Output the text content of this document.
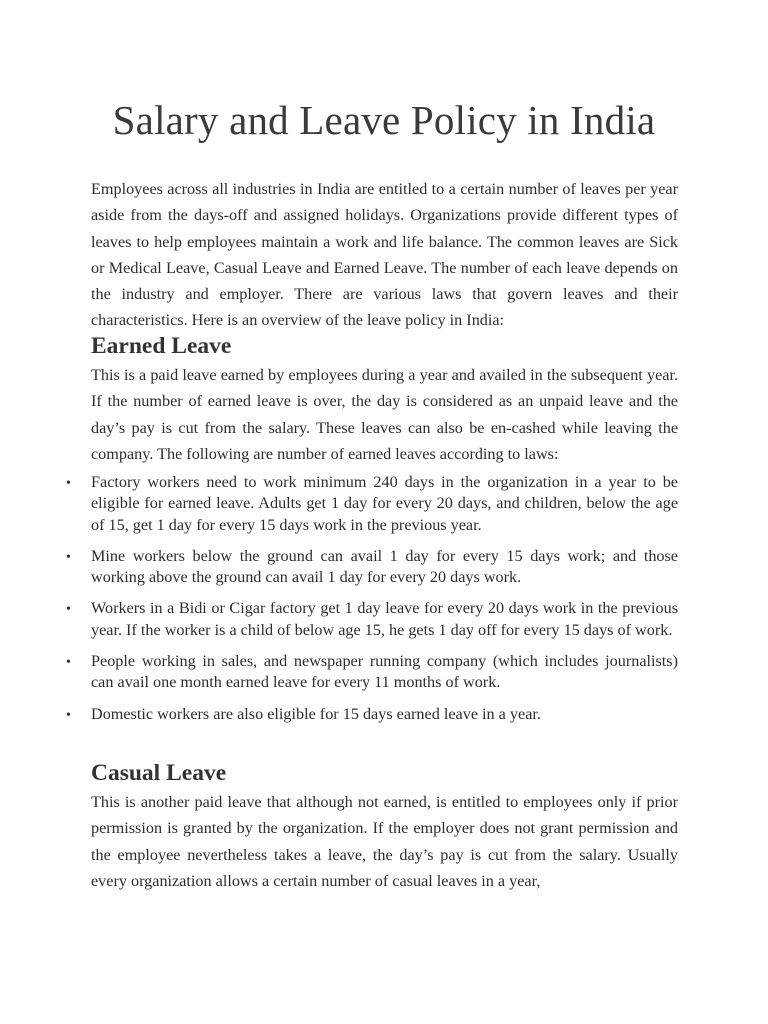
Salary and Leave Policy in India

Employees across all industries in India are entitled to a certain number of leaves per year aside from the days-off and assigned holidays. Organizations provide different types of leaves to help employees maintain a work and life balance. The common leaves are Sick or Medical Leave, Casual Leave and Earned Leave. The number of each leave depends on the industry and employer. There are various laws that govern leaves and their characteristics. Here is an overview of the leave policy in India:

Earned Leave

This is a paid leave earned by employees during a year and availed in the subsequent year. If the number of earned leave is over, the day is considered as an unpaid leave and the day’s pay is cut from the salary. These leaves can also be en-cashed while leaving the company. The following are number of earned leaves according to laws:

• Factory workers need to work minimum 240 days in the organization in a year to be eligible for earned leave. Adults get 1 day for every 20 days, and children, below the age of 15, get 1 day for every 15 days work in the previous year.
• Mine workers below the ground can avail 1 day for every 15 days work; and those working above the ground can avail 1 day for every 20 days work.
• Workers in a Bidi or Cigar factory get 1 day leave for every 20 days work in the previous year. If the worker is a child of below age 15, he gets 1 day off for every 15 days of work.
• People working in sales, and newspaper running company (which includes journalists) can avail one month earned leave for every 11 months of work.
• Domestic workers are also eligible for 15 days earned leave in a year.
Casual Leave

This is another paid leave that although not earned, is entitled to employees only if prior permission is granted by the organization. If the employer does not grant permission and the employee nevertheless takes a leave, the day’s pay is cut from the salary. Usually every organization allows a certain number of casual leaves in a year,
